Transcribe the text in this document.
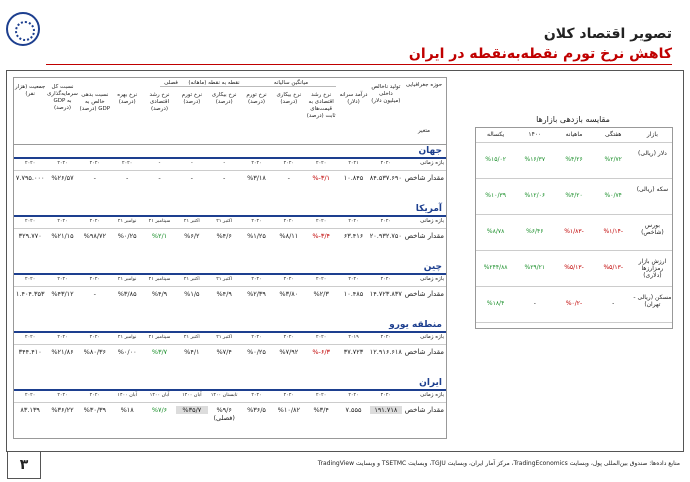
تصویر اقتصاد کلان
کاهش نرخ تورم نقطه‌به‌نقطه در ایران
حوزه جغرافیایی
متغیر
میانگین سالیانه
نقطه به نقطه (ماهانه)
فصلی
تولید ناخالص داخلی (میلیون دلار)
درآمد سرانه (دلار)
نرخ رشد اقتصادی به قیمت‌های ثابت (درصد)
نرخ بیکاری (درصد)
نرخ تورم (درصد)
نرخ بیکاری (درصد)
نرخ تورم (درصد)
نرخ رشد اقتصادی (درصد)
نرخ بهره (درصد)
نسبت بدهی خالص به GDP (درصد)
نسبت کل سرمایه‌گذاری به GDP (درصد)
جمعیت (هزار نفر)
جهان
بازه زمانی
۲۰۲۰
۲۰۲۱
۲۰۲۰
۲۰۲۰
۲۰۲۰
-
-
-
۲۰۲۰
۲۰۲۰
۲۰۲۰
۲۰۲۰
مقدار شاخص
۸۴.۵۳۷.۶۹۰
۱۰.۸۴۵
%-۳/۱
-
%۳/۱۸
-
-
-
-
-
%۲۶/۵۷
۷.۷۹۵.۰۰۰
آمریکا
بازه زمانی
۲۰۲۰
۲۰۲۰
۲۰۲۰
۲۰۲۰
۲۰۲۰
اکتبر ۲۱
اکتبر ۲۱
سپتامبر ۲۱
نوامبر ۲۱
۲۰۲۰
۲۰۲۰
۲۰۲۰
مقدار شاخص
۲۰.۹۳۲.۷۵۰
۶۳.۴۱۶
%-۳/۴
%۸/۱۱
%۱/۲۵
%۴/۶
%۶/۲
%۲/۱
%۰/۲۵
%۹۸/۷۲
%۲۱/۱۵
۳۲۹.۷۷۰
چین
بازه زمانی
۲۰۲۰
۲۰۲۰
۲۰۲۰
۲۰۲۰
۲۰۲۰
اکتبر ۲۱
اکتبر ۲۱
سپتامبر ۲۱
نوامبر ۲۱
۲۰۲۰
۲۰۲۰
۲۰۲۰
مقدار شاخص
۱۴.۷۲۳.۸۳۷
۱۰.۴۸۵
%۲/۳
%۳/۸۰
%۲/۳۹
%۴/۹
%۱/۵
%۴/۹
%۳/۸۵
-
%۴۳/۱۲
۱.۴۰۴.۳۵۳
منطقه یورو
بازه زمانی
۲۰۲۰
۲۰۱۹
۲۰۲۰
۲۰۲۰
۲۰۲۰
اکتبر ۲۱
اکتبر ۲۱
سپتامبر ۲۱
نوامبر ۲۱
۲۰۲۰
۲۰۲۰
۲۰۲۰
مقدار شاخص
۱۲.۹۱۶.۶۱۸
۳۷.۷۲۳
%-۶/۳
%۷/۹۲
%۰/۲۵
%۷/۴
%۴/۱
%۳/۷
%۰/۰۰
%۸۰/۳۶
%۲۱/۸۶
۳۴۴.۴۱۰
ایران
بازه زمانی
۲۰۲۰
۲۰۲۰
۲۰۲۰
۲۰۲۰
۲۰۲۰
تابستان ۱۴۰۰
آبان ۱۴۰۰
آبان ۱۴۰۰
آبان ۱۴۰۰
۲۰۲۰
۲۰۲۰
۲۰۲۰
مقدار شاخص
۱۹۱.۷۱۸
۷.۵۵۵
%۳/۴
%۱۰/۸۲
%۳۶/۵
%۹/۶ (فصلی)
%۳۵/۷
%۷/۶
%۱۸
%۳۰/۳۹
%۳۶/۲۲
۸۳.۱۳۹
مقایسه بازدهی بازارها
بازار
هفتگی
ماهیانه
۱۴۰۰
یکساله
دلار (ریالی)
%۲/۷۲
%۴/۲۶
%۱۶/۳۷
%۱۵/۰۲
سکه (ریالی)
%۰/۷۴
%۴/۲۰
%۱۲/۰۶
%۱۰/۳۹
بورس (شاخص)
%۱/۱۴-
%۱/۸۳-
%۶/۴۶
%۸/۷۸
ارزش بازار رمزارزها (دلاری)
%۵/۱۳-
%۵/۱۳-
%۲۹/۲۱
%۲۴۴/۸۸
مسکن (ریالی - تهران)
-
%۰/۲-
-
%۱۸/۴
۳	منابع داده‌ها: صندوق بین‌المللی پول، وبسایت TradingEconomics، مرکز آمار ایران، وبسایت TGJU، وبسایت TSETMC و وبسایت TradingView
